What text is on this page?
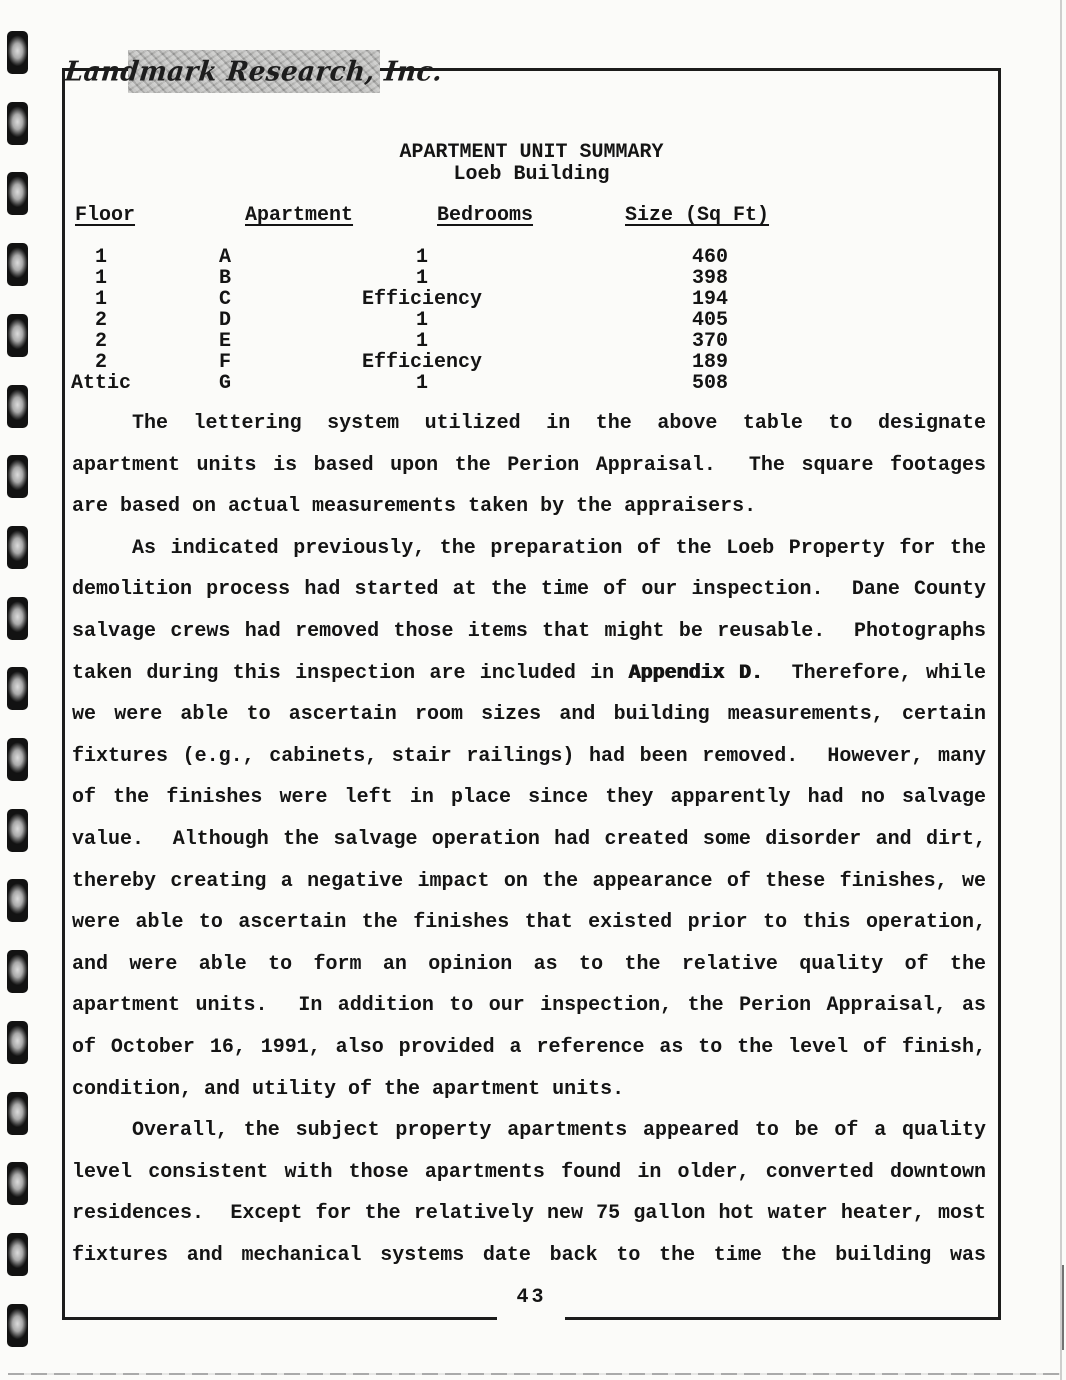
Landmark Research, Inc.
APARTMENT UNIT SUMMARY
Loeb Building
Floor	Apartment	Bedrooms	Size (Sq Ft)
1	A	1	460
1	B	1	398
1	C	Efficiency	194
2	D	1	405
2	E	1	370
2	F	Efficiency	189
Attic	G	1	508
The lettering system utilized in the above table to designate
apartment units is based upon the Perion Appraisal.  The square footages
are based on actual measurements taken by the appraisers.
As indicated previously, the preparation of the Loeb Property for the
demolition process had started at the time of our inspection.  Dane County
salvage crews had removed those items that might be reusable.  Photographs
taken during this inspection are included in Appendix D.  Therefore, while
we were able to ascertain room sizes and building measurements, certain
fixtures (e.g., cabinets, stair railings) had been removed.  However, many
of the finishes were left in place since they apparently had no salvage
value.  Although the salvage operation had created some disorder and dirt,
thereby creating a negative impact on the appearance of these finishes, we
were able to ascertain the finishes that existed prior to this operation,
and were able to form an opinion as to the relative quality of the
apartment units.  In addition to our inspection, the Perion Appraisal, as
of October 16, 1991, also provided a reference as to the level of finish,
condition, and utility of the apartment units.
Overall, the subject property apartments appeared to be of a quality
level consistent with those apartments found in older, converted downtown
residences.  Except for the relatively new 75 gallon hot water heater, most
fixtures and mechanical systems date back to the time the building was
43
